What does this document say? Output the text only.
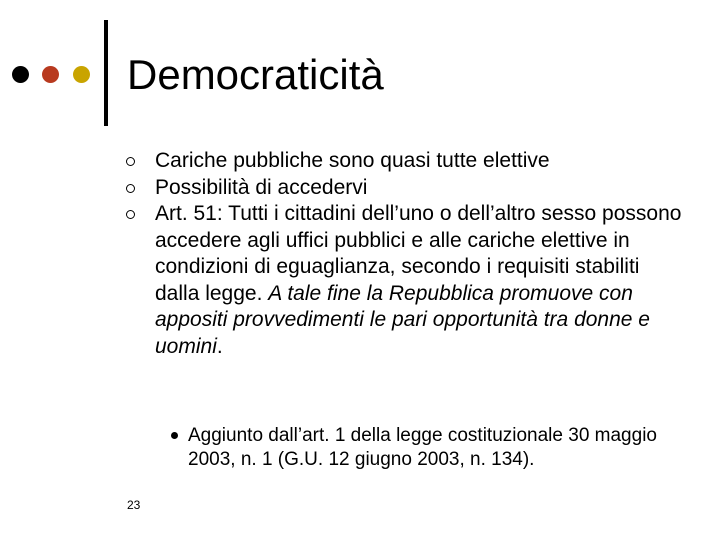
Democraticità
Cariche pubbliche sono quasi tutte elettive
Possibilità di accedervi
Art. 51: Tutti i cittadini dell’uno o dell’altro sesso possono accedere agli uffici pubblici e alle cariche elettive in condizioni di eguaglianza, secondo i requisiti stabiliti dalla legge. A tale fine la Repubblica promuove con appositi provvedimenti le pari opportunità tra donne e uomini.
Aggiunto dall’art. 1 della legge costituzionale 30 maggio 2003, n. 1 (G.U. 12 giugno 2003, n. 134).
23
